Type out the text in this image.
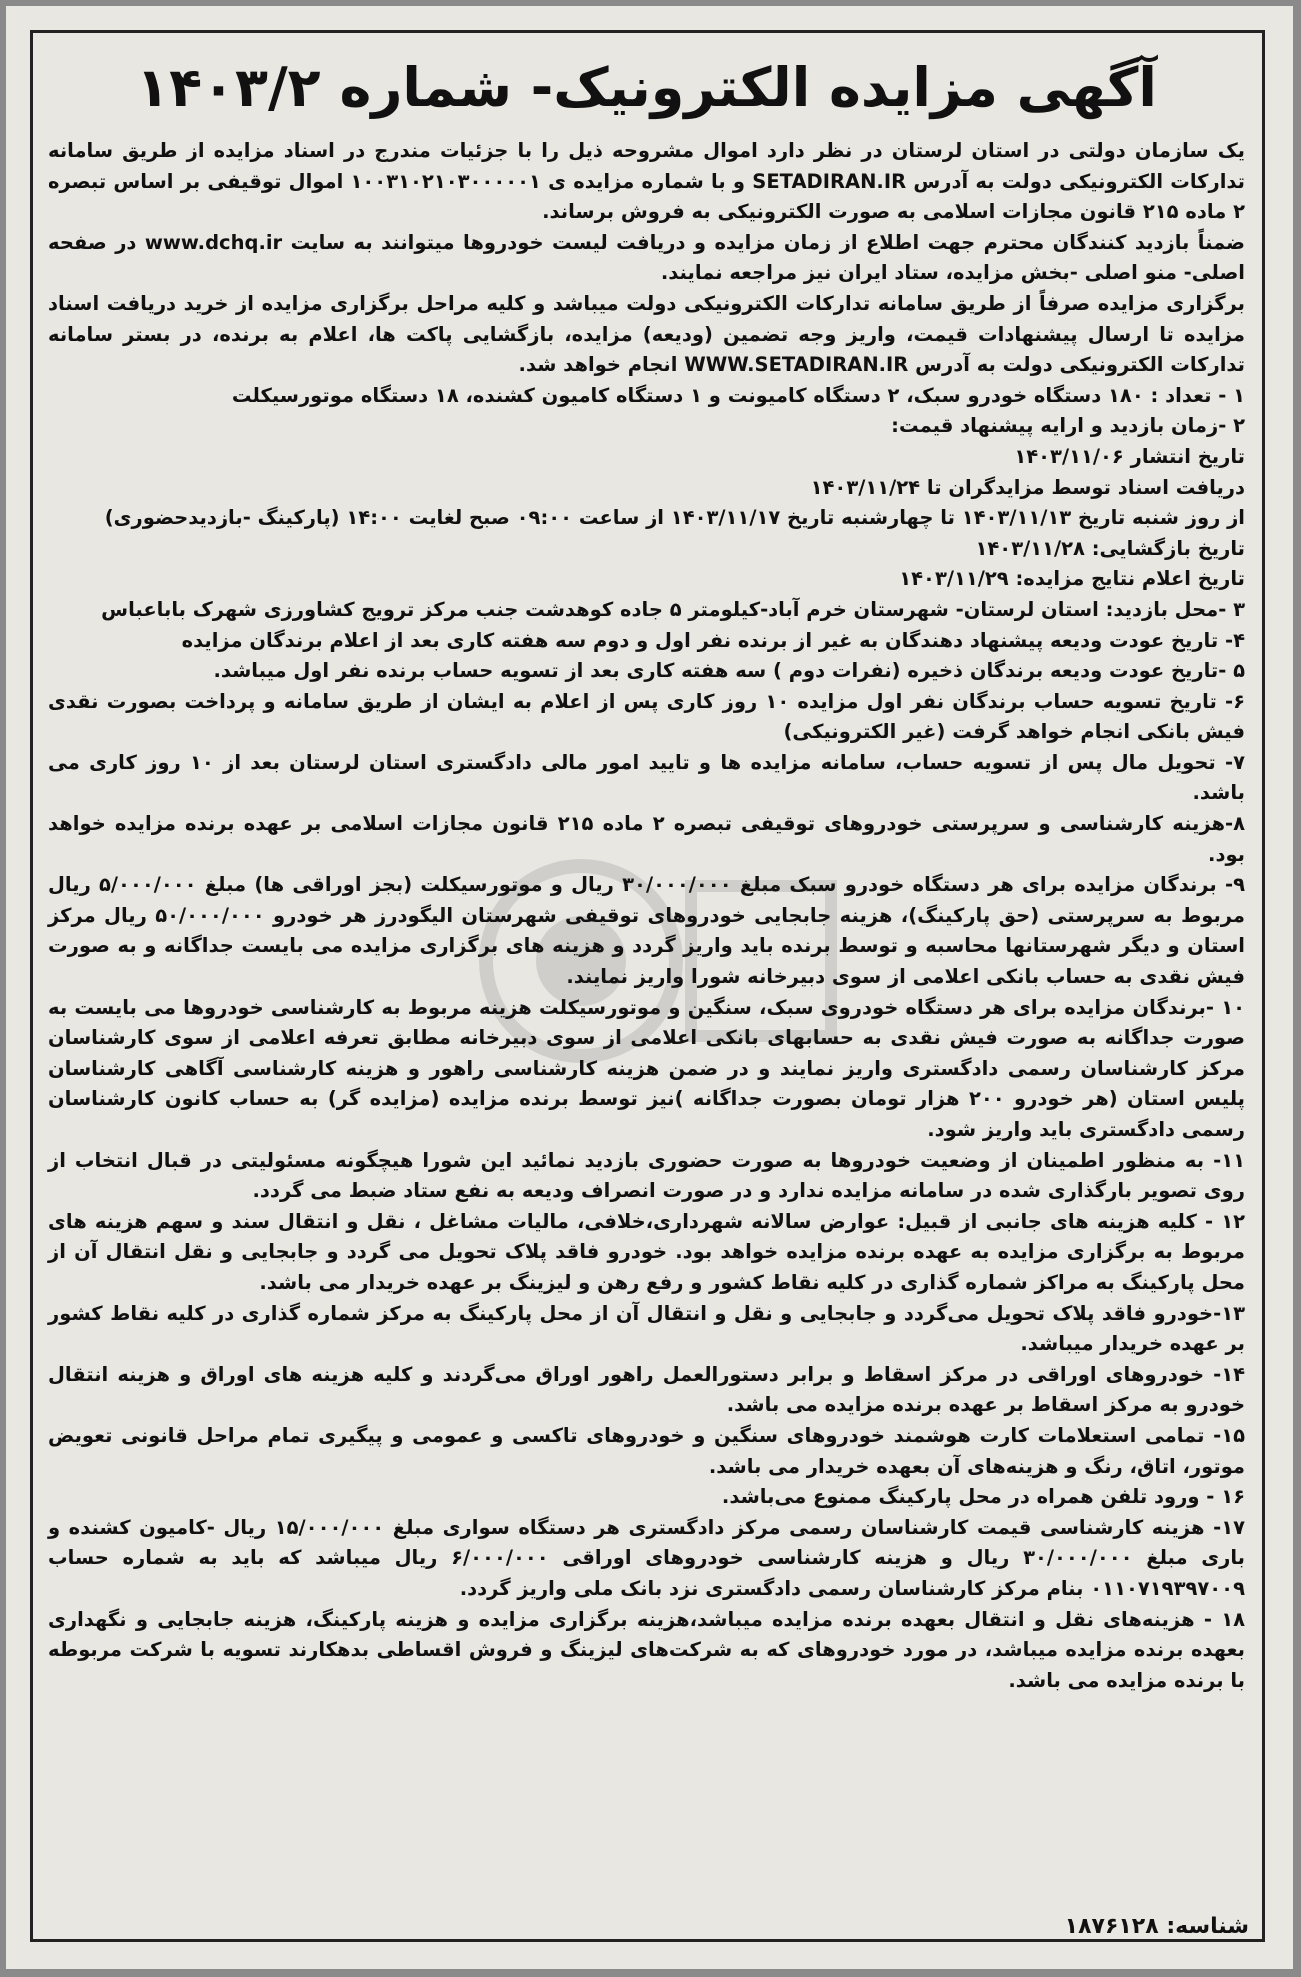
آگهی مزایده الکترونیک- شماره ۱۴۰۳/۲

یک سازمان دولتی در استان لرستان در نظر دارد اموال مشروحه ذیل را با جزئیات مندرج در اسناد مزایده از طریق سامانه تدارکات الکترونیکی دولت به آدرس SETADIRAN.IR و با شماره مزایده ی ۱۰۰۳۱۰۲۱۰۳۰۰۰۰۰۱ اموال توقیفی بر اساس تبصره ۲ ماده ۲۱۵ قانون مجازات اسلامی به صورت الکترونیکی به فروش برساند.

ضمناً بازدید کنندگان محترم جهت اطلاع از زمان مزایده و دریافت لیست خودروها میتوانند به سایت www.dchq.ir در صفحه اصلی- منو اصلی -بخش مزایده، ستاد ایران نیز مراجعه نمایند.

برگزاری مزایده صرفاً از طریق سامانه تدارکات الکترونیکی دولت میباشد و کلیه مراحل برگزاری مزایده از خرید دریافت اسناد مزایده تا ارسال پیشنهادات قیمت، واریز وجه تضمین (ودیعه) مزایده، بازگشایی پاکت ها، اعلام به برنده، در بستر سامانه تدارکات الکترونیکی دولت به آدرس WWW.SETADIRAN.IR انجام خواهد شد.

۱ - تعداد : ۱۸۰ دستگاه خودرو سبک، ۲ دستگاه کامیونت و ۱ دستگاه کامیون کشنده، ۱۸ دستگاه موتورسیکلت

۲ -زمان بازدید و ارایه پیشنهاد قیمت:

تاریخ انتشار ۱۴۰۳/۱۱/۰۶

دریافت اسناد توسط مزایدگران تا ۱۴۰۳/۱۱/۲۴

از روز شنبه تاریخ ۱۴۰۳/۱۱/۱۳ تا چهارشنبه تاریخ ۱۴۰۳/۱۱/۱۷ از ساعت ۰۹:۰۰ صبح لغایت ۱۴:۰۰ (پارکینگ -بازدیدحضوری)

تاریخ بازگشایی: ۱۴۰۳/۱۱/۲۸

تاریخ اعلام نتایج مزایده: ۱۴۰۳/۱۱/۲۹

۳ -محل بازدید: استان لرستان- شهرستان خرم آباد-کیلومتر ۵ جاده کوهدشت جنب مرکز ترویج کشاورزی شهرک باباعباس

۴- تاریخ عودت ودیعه پیشنهاد دهندگان به غیر از برنده نفر اول و دوم سه هفته کاری بعد از اعلام برندگان مزایده

۵ -تاریخ عودت ودیعه برندگان ذخیره (نفرات دوم ) سه هفته کاری بعد از تسویه حساب برنده نفر اول میباشد.

۶- تاریخ تسویه حساب برندگان نفر اول مزایده ۱۰ روز کاری پس از اعلام به ایشان از طریق سامانه و پرداخت بصورت نقدی فیش بانکی انجام خواهد گرفت (غیر الکترونیکی)

۷- تحویل مال پس از تسویه حساب، سامانه مزایده ها و تایید امور مالی دادگستری استان لرستان بعد از ۱۰ روز کاری می باشد.

۸-هزینه کارشناسی و سرپرستی خودروهای توقیفی تبصره ۲ ماده ۲۱۵ قانون مجازات اسلامی بر عهده برنده مزایده خواهد بود.

۹- برندگان مزایده برای هر دستگاه خودرو سبک مبلغ ۳۰/۰۰۰/۰۰۰ ریال و موتورسیکلت (بجز اوراقی ها) مبلغ ۵/۰۰۰/۰۰۰ ریال مربوط به سرپرستی (حق پارکینگ)، هزینه جابجایی خودروهای توقیفی شهرستان الیگودرز هر خودرو ۵۰/۰۰۰/۰۰۰ ریال مرکز استان و دیگر شهرستانها محاسبه و توسط برنده باید واریز گردد و هزینه های برگزاری مزایده می بایست جداگانه و به صورت فیش نقدی به حساب بانکی اعلامی از سوی دبیرخانه شورا واریز نمایند.

۱۰ -برندگان مزایده برای هر دستگاه خودروی سبک، سنگین و موتورسیکلت هزینه مربوط به کارشناسی خودروها می بایست به صورت جداگانه به صورت فیش نقدی به حسابهای بانکی اعلامی از سوی دبیرخانه مطابق تعرفه اعلامی از سوی کارشناسان مرکز کارشناسان رسمی دادگستری واریز نمایند و در ضمن هزینه کارشناسی راهور و هزینه کارشناسی آگاهی کارشناسان پلیس استان (هر خودرو ۲۰۰ هزار تومان بصورت جداگانه )نیز توسط برنده مزایده (مزایده گر) به حساب کانون کارشناسان رسمی دادگستری باید واریز شود.

۱۱- به منظور اطمینان از وضعیت خودروها به صورت حضوری بازدید نمائید این شورا هیچگونه مسئولیتی در قبال انتخاب از روی تصویر بارگذاری شده در سامانه مزایده ندارد و در صورت انصراف ودیعه به نفع ستاد ضبط می گردد.

۱۲ - کلیه هزینه های جانبی از قبیل: عوارض سالانه شهرداری،خلافی، مالیات مشاغل ، نقل و انتقال سند و سهم هزینه های مربوط به برگزاری مزایده به عهده برنده مزایده خواهد بود. خودرو فاقد پلاک تحویل می گردد و جابجایی و نقل انتقال آن از محل پارکینگ به مراکز شماره گذاری در کلیه نقاط کشور و رفع رهن و لیزینگ بر عهده خریدار می باشد.

۱۳-خودرو فاقد پلاک تحویل می‌گردد و جابجایی و نقل و انتقال آن از محل پارکینگ به مرکز شماره گذاری در کلیه نقاط کشور بر عهده خریدار میباشد.

۱۴- خودروهای اوراقی در مرکز اسقاط و برابر دستورالعمل راهور اوراق می‌گردند و کلیه هزینه های اوراق و هزینه انتقال خودرو به مرکز اسقاط بر عهده برنده مزایده می باشد.

۱۵- تمامی استعلامات کارت هوشمند خودروهای سنگین و خودروهای تاکسی و عمومی و پیگیری تمام مراحل قانونی تعویض موتور، اتاق، رنگ و هزینه‌های آن بعهده خریدار می باشد.

۱۶ - ورود تلفن همراه در محل پارکینگ ممنوع می‌باشد.

۱۷- هزینه کارشناسی قیمت کارشناسان رسمی مرکز دادگستری هر دستگاه سواری مبلغ ۱۵/۰۰۰/۰۰۰ ریال -کامیون کشنده و باری مبلغ ۳۰/۰۰۰/۰۰۰ ریال و هزینه کارشناسی خودروهای اوراقی ۶/۰۰۰/۰۰۰ ریال میباشد که باید به شماره حساب ۰۱۱۰۷۱۹۳۹۷۰۰۹ بنام مرکز کارشناسان رسمی دادگستری نزد بانک ملی واریز گردد.

۱۸ - هزینه‌های نقل و انتقال بعهده برنده مزایده میباشد،هزینه برگزاری مزایده و هزینه پارکینگ، هزینه جابجایی و نگهداری بعهده برنده مزایده میباشد، در مورد خودروهای که به شرکت‌های لیزینگ و فروش اقساطی بدهکارند تسویه با شرکت مربوطه با برنده مزایده می باشد.

شناسه: ۱۸۷۶۱۲۸
